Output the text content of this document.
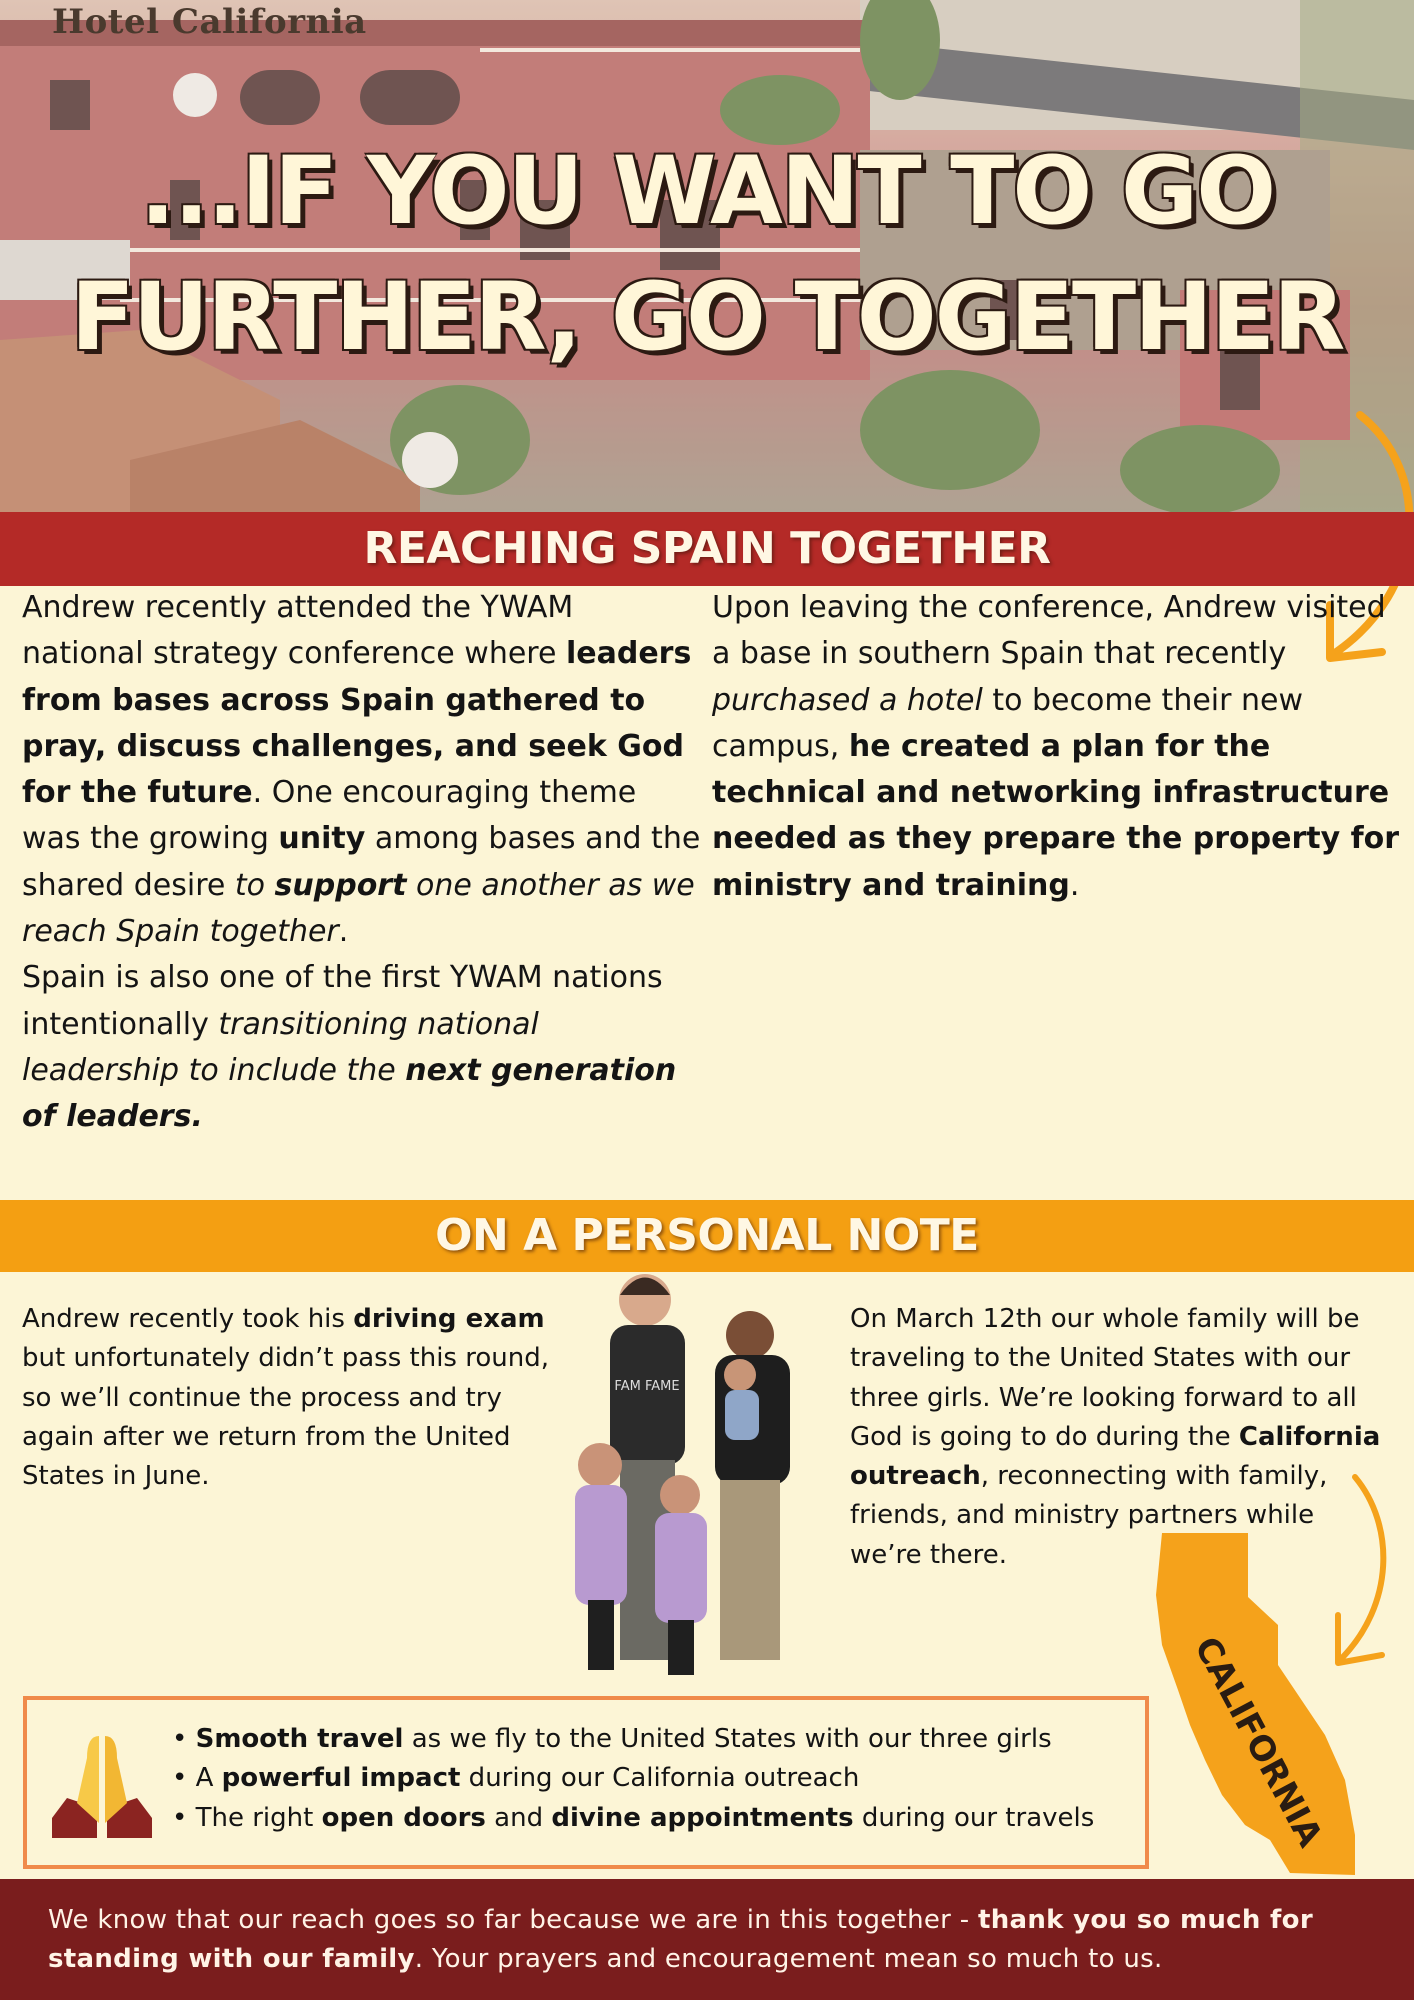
Hotel California
...IF YOU WANT TO GO
FURTHER, GO TOGETHER
REACHING SPAIN TOGETHER

Andrew recently attended the YWAM national strategy conference where leaders from bases across Spain gathered to pray, discuss challenges, and seek God for the future. One encouraging theme was the growing unity among bases and the shared desire to support one another as we reach Spain together.

Spain is also one of the first YWAM nations intentionally transitioning national leadership to include the next generation of leaders.

Upon leaving the conference, Andrew visited a base in southern Spain that recently purchased a hotel to become their new campus, he created a plan for the technical and networking infrastructure needed as they prepare the property for ministry and training.

ON A PERSONAL NOTE

Andrew recently took his driving exam but unfortunately didn’t pass this round, so we’ll continue the process and try again after we return from the United States in June.

FAM FAME

On March 12th our whole family will be traveling to the United States with our three girls. We’re looking forward to all God is going to do during the California outreach, reconnecting with family, friends, and ministry partners while we’re there.

CALIFORNIA
• Smooth travel as we fly to the United States with our three girls
• A powerful impact during our California outreach
• The right open doors and divine appointments during our travels
We know that our reach goes so far because we are in this together - thank you so much for standing with our family. Your prayers and encouragement mean so much to us.
